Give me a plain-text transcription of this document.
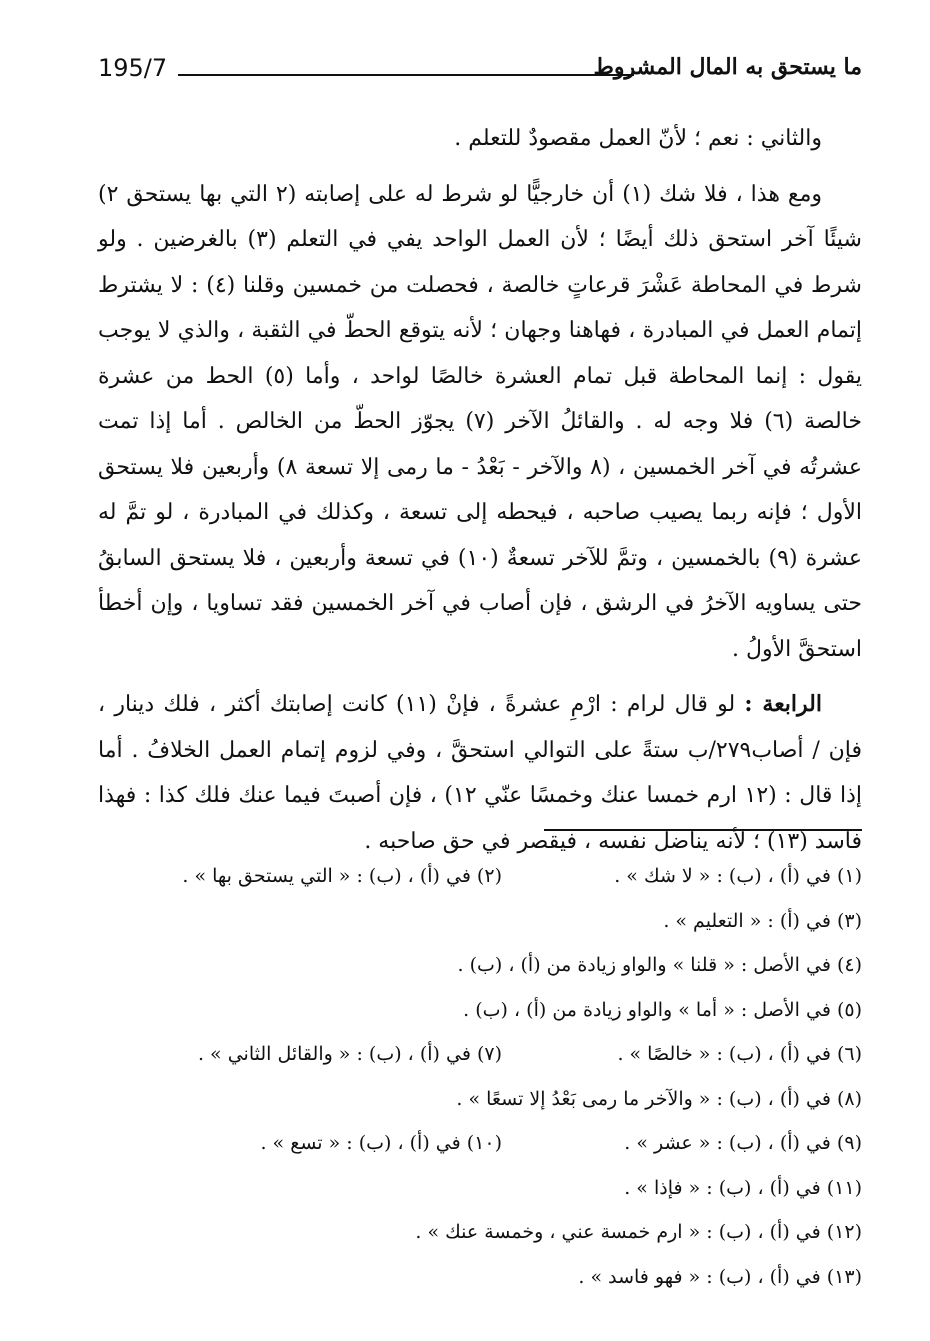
ما يستحق به المال المشروط
195/7

والثاني : نعم ؛ لأنّ العمل مقصودٌ للتعلم .

ومع هذا ، فلا شك (١) أن خارجيًّا لو شرط له على إصابته (٢ التي بها يستحق ٢) شيئًا آخر استحق ذلك أيضًا ؛ لأن العمل الواحد يفي في التعلم (٣) بالغرضين . ولو شرط في المحاطة عَشْرَ قرعاتٍ خالصة ، فحصلت من خمسين وقلنا (٤) : لا يشترط إتمام العمل في المبادرة ، فهاهنا وجهان ؛ لأنه يتوقع الحطّ في الثقبة ، والذي لا يوجب يقول : إنما المحاطة قبل تمام العشرة خالصًا لواحد ، وأما (٥) الحط من عشرة خالصة (٦) فلا وجه له . والقائلُ الآخر (٧) يجوّز الحطّ من الخالص . أما إذا تمت عشرتُه في آخر الخمسين ، (٨ والآخر - بَعْدُ - ما رمى إلا تسعة ٨) وأربعين فلا يستحق الأول ؛ فإنه ربما يصيب صاحبه ، فيحطه إلى تسعة ، وكذلك في المبادرة ، لو تمَّ له عشرة (٩) بالخمسين ، وتمَّ للآخر تسعةٌ (١٠) في تسعة وأربعين ، فلا يستحق السابقُ حتى يساويه الآخرُ في الرشق ، فإن أصاب في آخر الخمسين فقد تساويا ، وإن أخطأ استحقَّ الأولُ .

الرابعة : لو قال لرام : ارْمِ عشرةً ، فإنْ (١١) كانت إصابتك أكثر ، فلك دينار ، فإن / أصاب٢٧٩/ب ستةً على التوالي استحقَّ ، وفي لزوم إتمام العمل الخلافُ . أما إذا قال : (١٢ ارم خمسا عنك وخمسًا عنّي ١٢) ، فإن أصبتَ فيما عنك فلك كذا : فهذا فاسد (١٣) ؛ لأنه يناضل نفسه ، فيقصر في حق صاحبه .

(١) في (أ) ، (ب) : « لا شك » .
(٢) في (أ) ، (ب) : « التي يستحق بها » .
(٣) في (أ) : « التعليم » .
(٤) في الأصل : « قلنا » والواو زيادة من (أ) ، (ب) .
(٥) في الأصل : « أما » والواو زيادة من (أ) ، (ب) .
(٦) في (أ) ، (ب) : « خالصًا » .
(٧) في (أ) ، (ب) : « والقائل الثاني » .
(٨) في (أ) ، (ب) : « والآخر ما رمى بَعْدُ إلا تسعًا » .
(٩) في (أ) ، (ب) : « عشر » .
(١٠) في (أ) ، (ب) : « تسع » .
(١١) في (أ) ، (ب) : « فإذا » .
(١٢) في (أ) ، (ب) : « ارم خمسة عني ، وخمسة عنك » .
(١٣) في (أ) ، (ب) : « فهو فاسد » .
